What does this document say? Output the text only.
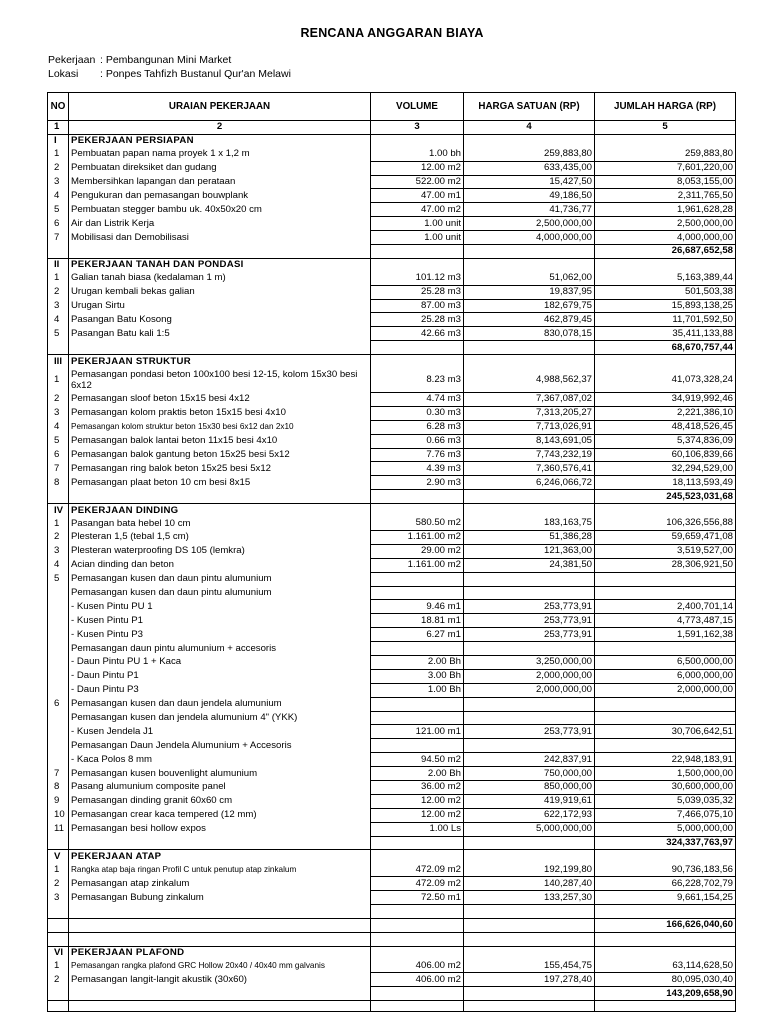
RENCANA ANGGARAN BIAYA
Pekerjaan : Pembangunan Mini Market
Lokasi : Ponpes Tahfizh Bustanul Qur'an Melawi
NO	URAIAN PEKERJAAN	VOLUME	HARGA SATUAN (RP)	JUMLAH HARGA (RP)
1	2	3	4	5
I	PEKERJAAN PERSIAPAN			
1	Pembuatan papan nama proyek 1 x 1,2 m	1.00 bh	259,883,80	259,883,80
2	Pembuatan direksiket dan gudang	12.00 m2	633,435,00	7,601,220,00
3	Membersihkan lapangan dan perataan	522.00 m2	15,427,50	8,053,155,00
4	Pengukuran dan pemasangan bouwplank	47.00 m1	49,186,50	2,311,765,50
5	Pembuatan stegger bambu uk. 40x50x20 cm	47.00 m2	41,736,77	1,961,628,28
6	Air dan Listrik Kerja	1.00 unit	2,500,000,00	2,500,000,00
7	Mobilisasi dan Demobilisasi	1.00 unit	4,000,000,00	4,000,000,00
				26,687,652,58
II	PEKERJAAN TANAH DAN PONDASI			
1	Galian tanah biasa (kedalaman 1 m)	101.12 m3	51,062,00	5,163,389,44
2	Urugan kembali bekas galian	25.28 m3	19,837,95	501,503,38
3	Urugan Sirtu	87.00 m3	182,679,75	15,893,138,25
4	Pasangan Batu Kosong	25.28 m3	462,879,45	11,701,592,50
5	Pasangan Batu kali 1:5	42.66 m3	830,078,15	35,411,133,88
				68,670,757,44
III	PEKERJAAN STRUKTUR			
1	Pemasangan pondasi beton 100x100 besi 12-15, kolom 15x30 besi 6x12	8.23 m3	4,988,562,37	41,073,328,24
2	Pemasangan sloof beton 15x15 besi 4x12	4.74 m3	7,367,087,02	34,919,992,46
3	Pemasangan kolom praktis beton 15x15 besi 4x10	0.30 m3	7,313,205,27	2,221,386,10
4	Pemasangan kolom struktur beton 15x30 besi 6x12 dan 2x10	6.28 m3	7,713,026,91	48,418,526,45
5	Pemasangan balok lantai beton 11x15 besi 4x10	0.66 m3	8,143,691,05	5,374,836,09
6	Pemasangan balok gantung beton 15x25 besi 5x12	7.76 m3	7,743,232,19	60,106,839,66
7	Pemasangan ring balok beton 15x25 besi 5x12	4.39 m3	7,360,576,41	32,294,529,00
8	Pemasangan plaat beton 10 cm besi 8x15	2.90 m3	6,246,066,72	18,113,593,49
				245,523,031,68
IV	PEKERJAAN DINDING			
1	Pasangan bata hebel 10 cm	580.50 m2	183,163,75	106,326,556,88
2	Plesteran 1,5 (tebal 1,5 cm)	1.161.00 m2	51,386,28	59,659,471,08
3	Plesteran waterproofing DS 105 (lemkra)	29.00 m2	121,363,00	3,519,527,00
4	Acian dinding dan beton	1.161.00 m2	24,381,50	28,306,921,50
5	Pemasangan kusen dan daun pintu alumunium			
	Pemasangan kusen dan daun pintu alumunium			
	- Kusen Pintu PU 1	9.46 m1	253,773,91	2,400,701,14
	- Kusen Pintu P1	18.81 m1	253,773,91	4,773,487,15
	- Kusen Pintu P3	6.27 m1	253,773,91	1,591,162,38
	Pemasangan daun pintu alumunium + accesoris			
	- Daun Pintu PU 1 + Kaca	2.00 Bh	3,250,000,00	6,500,000,00
	- Daun Pintu P1	3.00 Bh	2,000,000,00	6,000,000,00
	- Daun Pintu P3	1.00 Bh	2,000,000,00	2,000,000,00
6	Pemasangan kusen dan daun jendela alumunium			
	Pemasangan kusen dan jendela alumunium 4" (YKK)			
	- Kusen Jendela J1	121.00 m1	253,773,91	30,706,642,51
	Pemasangan Daun Jendela Alumunium + Accesoris			
	- Kaca Polos 8 mm	94.50 m2	242,837,91	22,948,183,91
7	Pemasangan kusen bouvenlight alumunium	2.00 Bh	750,000,00	1,500,000,00
8	Pasang alumunium composite panel	36.00 m2	850,000,00	30,600,000,00
9	Pemasangan dinding granit 60x60 cm	12.00 m2	419,919,61	5,039,035,32
10	Pemasangan crear kaca tempered (12 mm)	12.00 m2	622,172,93	7,466,075,10
11	Pemasangan besi hollow expos	1.00 Ls	5,000,000,00	5,000,000,00
				324,337,763,97
V	PEKERJAAN ATAP			
1	Rangka atap baja ringan Profil C untuk penutup atap zinkalum	472.09 m2	192,199,80	90,736,183,56
2	Pemasangan atap zinkalum	472.09 m2	140,287,40	66,228,702,79
3	Pemasangan Bubung zinkalum	72.50 m1	133,257,30	9,661,154,25

				166,626,040,60

VI	PEKERJAAN PLAFOND			
1	Pemasangan rangka plafond GRC Hollow 20x40 / 40x40 mm galvanis	406.00 m2	155,454,75	63,114,628,50
2	Pemasangan langit-langit akustik (30x60)	406.00 m2	197,278,40	80,095,030,40
				143,209,658,90
